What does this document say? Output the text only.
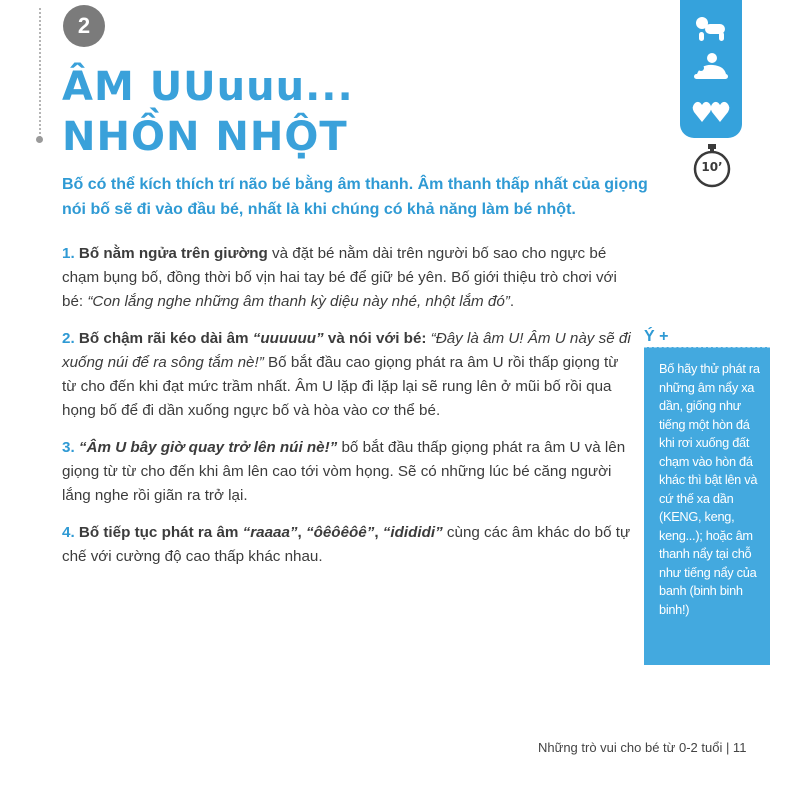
2
ÂM UUuuu...
NHỒN NHỘT

Bố có thể kích thích trí não bé bằng âm thanh. Âm thanh thấp nhất của giọng nói bố sẽ đi vào đầu bé, nhất là khi chúng có khả năng làm bé nhột.

1. Bố nằm ngửa trên giường và đặt bé nằm dài trên người bố sao cho ngực bé chạm bụng bố, đồng thời bố vịn hai tay bé để giữ bé yên. Bố giới thiệu trò chơi với bé: “Con lắng nghe những âm thanh kỳ diệu này nhé, nhột lắm đó”.

2. Bố chậm rãi kéo dài âm “uuuuuu” và nói với bé: “Đây là âm U! Âm U này sẽ đi xuống núi để ra sông tắm nè!” Bố bắt đầu cao giọng phát ra âm U rồi thấp giọng từ từ cho đến khi đạt mức trầm nhất. Âm U lặp đi lặp lại sẽ rung lên ở mũi bố rồi qua họng bố để đi dần xuống ngực bố và hòa vào cơ thể bé.

3. “Âm U bây giờ quay trở lên núi nè!” bố bắt đầu thấp giọng phát ra âm U và lên giọng từ từ cho đến khi âm lên cao tới vòm họng. Sẽ có những lúc bé căng người lắng nghe rồi giãn ra trở lại.

4. Bố tiếp tục phát ra âm “raaaa”, “ôêôêôê”, “idididi” cùng các âm khác do bố tự chế với cường độ cao thấp khác nhau.

10’
Ý +

Bố hãy thử phát ra những âm nẩy xa dần, giống như tiếng một hòn đá khi rơi xuống đất chạm vào hòn đá khác thì bật lên và cứ thế xa dần (KENG, keng, keng...); hoặc âm thanh nẩy tại chỗ như tiếng nẩy của banh (binh binh binh!)

Những trò vui cho bé từ 0-2 tuổi | 11
